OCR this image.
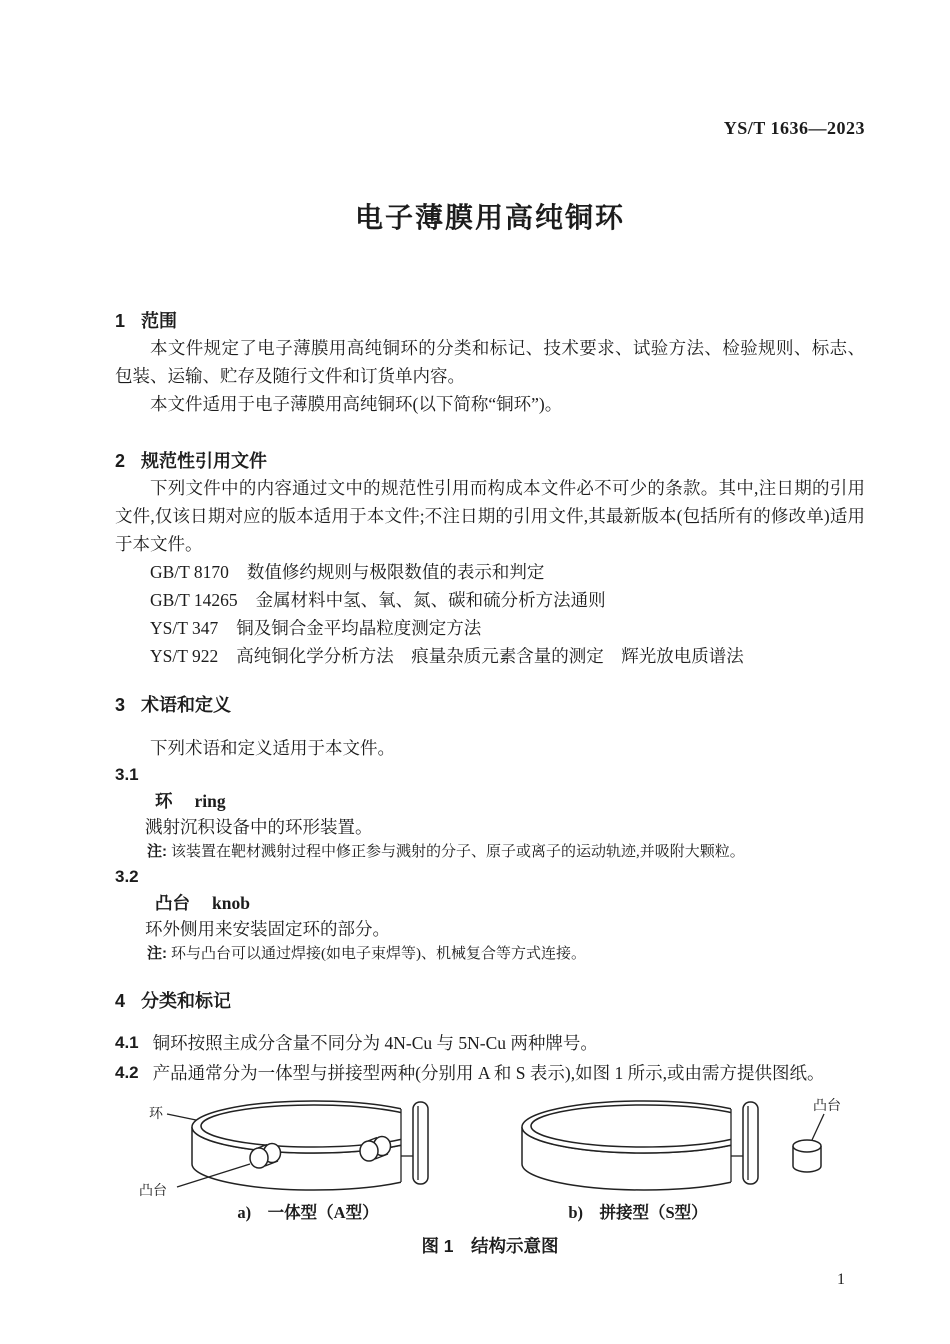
YS/T 1636—2023
电子薄膜用高纯铜环
1 范围

本文件规定了电子薄膜用高纯铜环的分类和标记、技术要求、试验方法、检验规则、标志、包装、运输、贮存及随行文件和订货单内容。

本文件适用于电子薄膜用高纯铜环(以下简称“铜环”)。

2 规范性引用文件

下列文件中的内容通过文中的规范性引用而构成本文件必不可少的条款。其中,注日期的引用文件,仅该日期对应的版本适用于本文件;不注日期的引用文件,其最新版本(包括所有的修改单)适用于本文件。

GB/T 8170 数值修约规则与极限数值的表示和判定
GB/T 14265 金属材料中氢、氧、氮、碳和硫分析方法通则
YS/T 347 铜及铜合金平均晶粒度测定方法
YS/T 922 高纯铜化学分析方法　痕量杂质元素含量的测定　辉光放电质谱法
3 术语和定义

下列术语和定义适用于本文件。

3.1
环 ring
溅射沉积设备中的环形装置。
注: 该装置在靶材溅射过程中修正参与溅射的分子、原子或离子的运动轨迹,并吸附大颗粒。
3.2
凸台 knob
环外侧用来安装固定环的部分。
注: 环与凸台可以通过焊接(如电子束焊等)、机械复合等方式连接。
4 分类和标记
4.1 铜环按照主成分含量不同分为 4N-Cu 与 5N-Cu 两种牌号。
4.2 产品通常分为一体型与拼接型两种(分别用 A 和 S 表示),如图 1 所示,或由需方提供图纸。
环
凸台
a)　一体型（A型）
凸台
b)　拼接型（S型）
图 1　结构示意图
1
